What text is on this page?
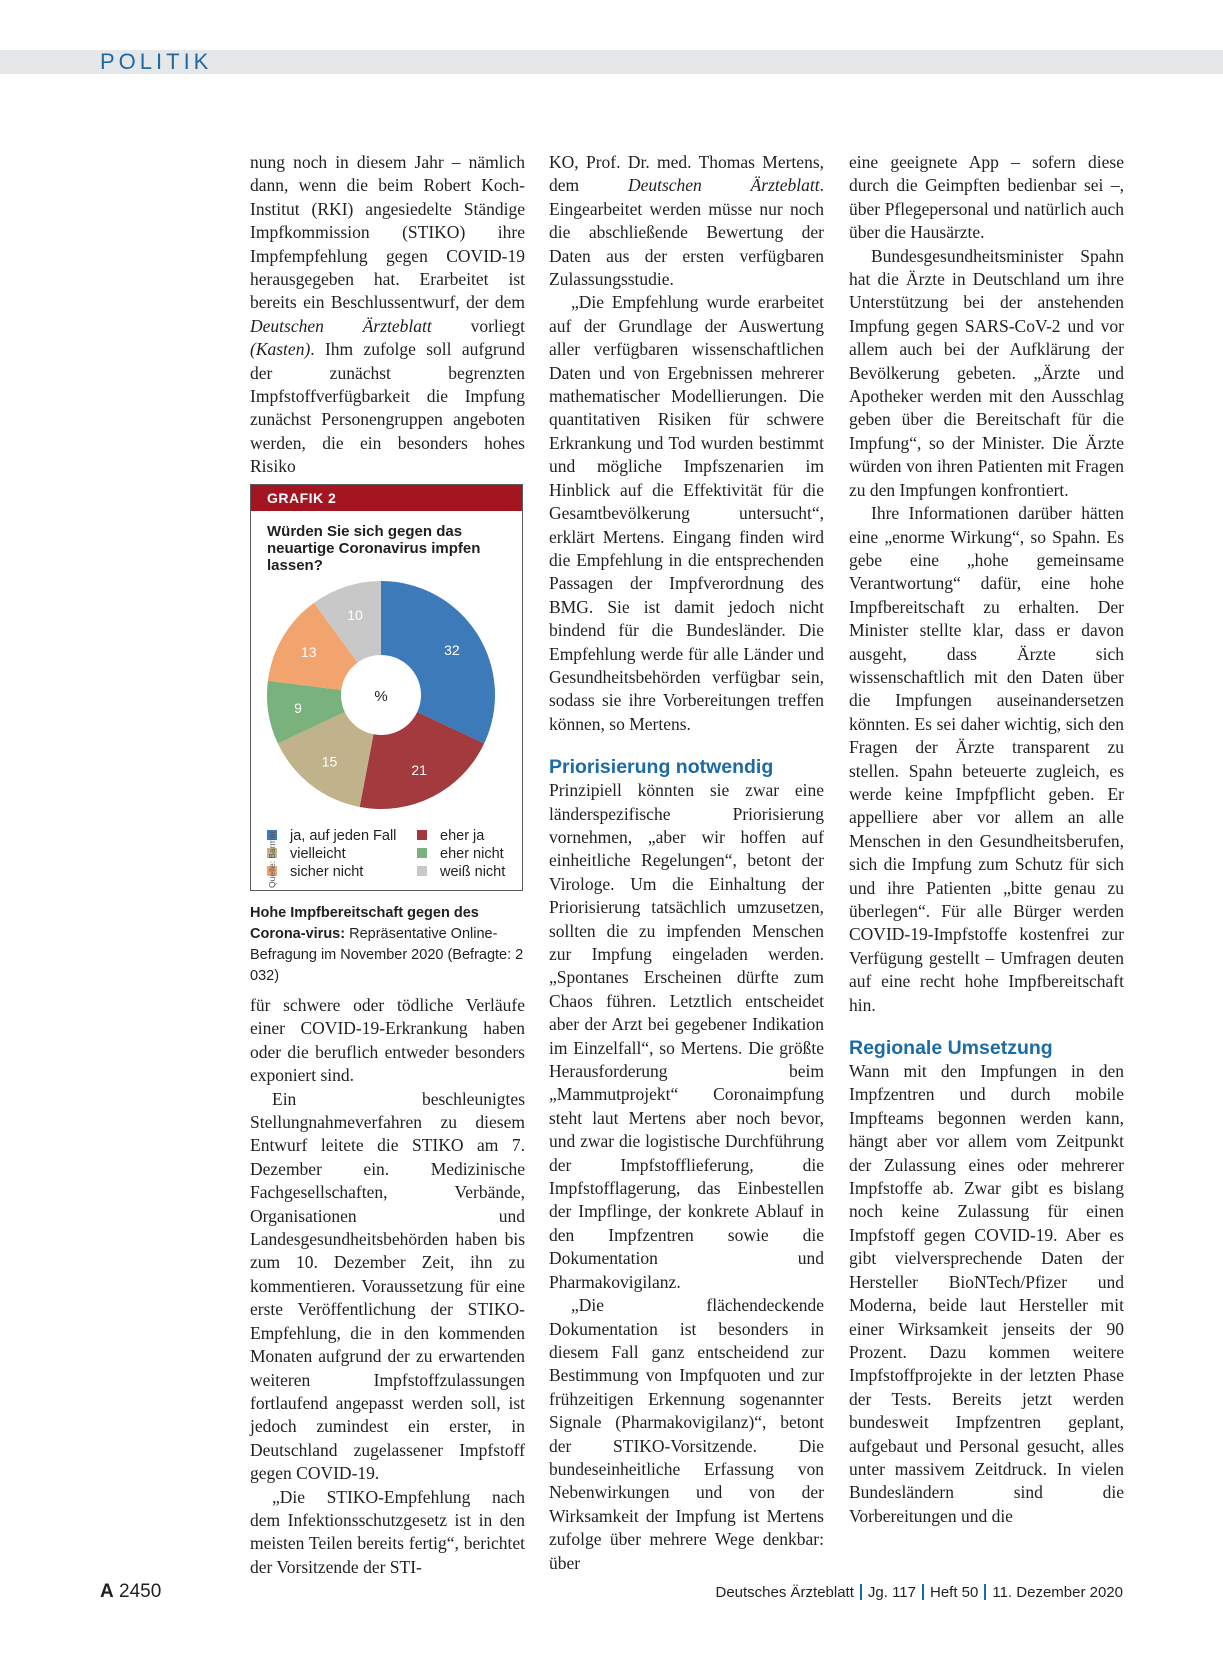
POLITIK

nung noch in diesem Jahr – nämlich dann, wenn die beim Robert Koch-Institut (RKI) angesiedelte Ständige Impfkommission (STIKO) ihre Impfempfehlung gegen COVID-19 herausgegeben hat. Erarbeitet ist bereits ein Beschlussentwurf, der dem Deutschen Ärzteblatt vorliegt (Kasten). Ihm zufolge soll aufgrund der zunächst begrenzten Impfstoffverfügbarkeit die Impfung zunächst Personengruppen angeboten werden, die ein besonders hohes Risiko

GRAFIK 2
Würden Sie sich gegen das neuartige Coronavirus impfen lassen?
32
21
15
9
13
10
%
ja, auf jeden Fall	eher ja
vielleicht	eher nicht
sicher nicht	weiß nicht
Quelle: Barmer
Hohe Impfbereitschaft gegen des Corona-virus: Repräsentative Online-Befragung im November 2020 (Befragte: 2 032)

für schwere oder tödliche Verläufe einer COVID-19-Erkrankung haben oder die beruflich entweder besonders exponiert sind.

Ein beschleunigtes Stellungnahmeverfahren zu diesem Entwurf leitete die STIKO am 7. Dezember ein. Medizinische Fachgesellschaften, Verbände, Organisationen und Landesgesundheitsbehörden haben bis zum 10. Dezember Zeit, ihn zu kommentieren. Voraussetzung für eine erste Veröffentlichung der STIKO-Empfehlung, die in den kommenden Monaten aufgrund der zu erwartenden weiteren Impfstoffzulassungen fortlaufend angepasst werden soll, ist jedoch zumindest ein erster, in Deutschland zugelassener Impfstoff gegen COVID-19.

„Die STIKO-Empfehlung nach dem Infektionsschutzgesetz ist in den meisten Teilen bereits fertig“, berichtet der Vorsitzende der STI-

KO, Prof. Dr. med. Thomas Mertens, dem Deutschen Ärzteblatt. Eingearbeitet werden müsse nur noch die abschließende Bewertung der Daten aus der ersten verfügbaren Zulassungsstudie.

„Die Empfehlung wurde erarbeitet auf der Grundlage der Auswertung aller verfügbaren wissenschaftlichen Daten und von Ergebnissen mehrerer mathematischer Modellierungen. Die quantitativen Risiken für schwere Erkrankung und Tod wurden bestimmt und mögliche Impfszenarien im Hinblick auf die Effektivität für die Gesamtbevölkerung untersucht“, erklärt Mertens. Eingang finden wird die Empfehlung in die entsprechenden Passagen der Impfverordnung des BMG. Sie ist damit jedoch nicht bindend für die Bundesländer. Die Empfehlung werde für alle Länder und Gesundheitsbehörden verfügbar sein, sodass sie ihre Vorbereitungen treffen können, so Mertens.

Priorisierung notwendig

Prinzipiell könnten sie zwar eine länderspezifische Priorisierung vornehmen, „aber wir hoffen auf einheitliche Regelungen“, betont der Virologe. Um die Einhaltung der Priorisierung tatsächlich umzusetzen, sollten die zu impfenden Menschen zur Impfung eingeladen werden. „Spontanes Erscheinen dürfte zum Chaos führen. Letztlich entscheidet aber der Arzt bei gegebener Indikation im Einzelfall“, so Mertens. Die größte Herausforderung beim „Mammutprojekt“ Coronaimpfung steht laut Mertens aber noch bevor, und zwar die logistische Durchführung der Impfstofflieferung, die Impfstofflagerung, das Einbestellen der Impflinge, der konkrete Ablauf in den Impfzentren sowie die Dokumentation und Pharmakovigilanz.

„Die flächendeckende Dokumentation ist besonders in diesem Fall ganz entscheidend zur Bestimmung von Impfquoten und zur frühzeitigen Erkennung sogenannter Signale (Pharmakovigilanz)“, betont der STIKO-Vorsitzende. Die bundeseinheitliche Erfassung von Nebenwirkungen und von der Wirksamkeit der Impfung ist Mertens zufolge über mehrere Wege denkbar: über

eine geeignete App – sofern diese durch die Geimpften bedienbar sei –, über Pflegepersonal und natürlich auch über die Hausärzte.

Bundesgesundheitsminister Spahn hat die Ärzte in Deutschland um ihre Unterstützung bei der anstehenden Impfung gegen SARS-CoV-2 und vor allem auch bei der Aufklärung der Bevölkerung gebeten. „Ärzte und Apotheker werden mit den Ausschlag geben über die Bereitschaft für die Impfung“, so der Minister. Die Ärzte würden von ihren Patienten mit Fragen zu den Impfungen konfrontiert.

Ihre Informationen darüber hätten eine „enorme Wirkung“, so Spahn. Es gebe eine „hohe gemeinsame Verantwortung“ dafür, eine hohe Impfbereitschaft zu erhalten. Der Minister stellte klar, dass er davon ausgeht, dass Ärzte sich wissenschaftlich mit den Daten über die Impfungen auseinandersetzen könnten. Es sei daher wichtig, sich den Fragen der Ärzte transparent zu stellen. Spahn beteuerte zugleich, es werde keine Impfpflicht geben. Er appelliere aber vor allem an alle Menschen in den Gesundheitsberufen, sich die Impfung zum Schutz für sich und ihre Patienten „bitte genau zu überlegen“. Für alle Bürger werden COVID-19-Impfstoffe kostenfrei zur Verfügung gestellt – Umfragen deuten auf eine recht hohe Impfbereitschaft hin.

Regionale Umsetzung

Wann mit den Impfungen in den Impfzentren und durch mobile Impfteams begonnen werden kann, hängt aber vor allem vom Zeitpunkt der Zulassung eines oder mehrerer Impfstoffe ab. Zwar gibt es bislang noch keine Zulassung für einen Impfstoff gegen COVID-19. Aber es gibt vielversprechende Daten der Hersteller BioNTech/Pfizer und Moderna, beide laut Hersteller mit einer Wirksamkeit jenseits der 90 Prozent. Dazu kommen weitere Impfstoffprojekte in der letzten Phase der Tests. Bereits jetzt werden bundesweit Impfzentren geplant, aufgebaut und Personal gesucht, alles unter massivem Zeitdruck. In vielen Bundesländern sind die Vorbereitungen und die

A 2450	Deutsches Ärzteblatt Jg. 117 Heft 50 11. Dezember 2020
